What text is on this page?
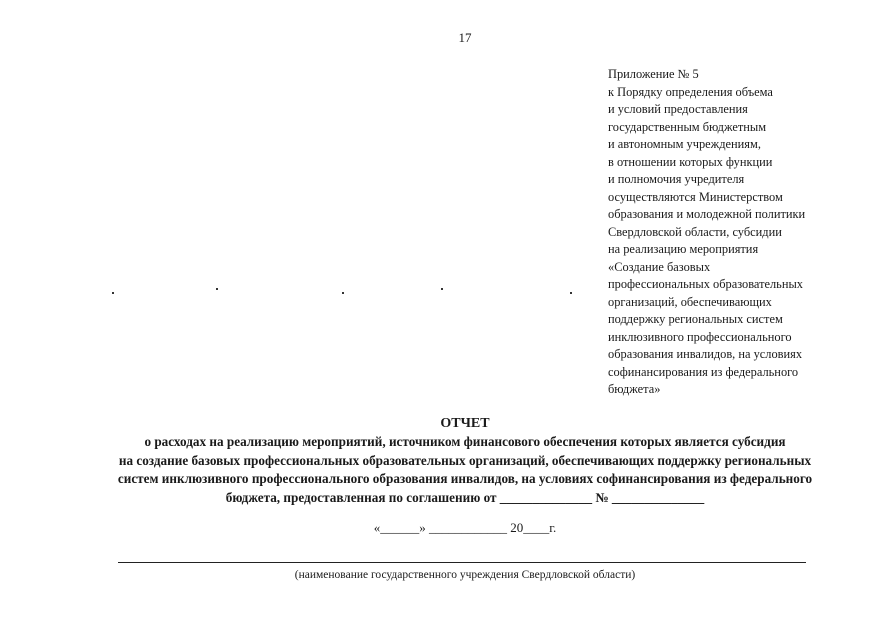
17
Приложение № 5
к Порядку определения объема
и условий предоставления
государственным бюджетным
и автономным учреждениям,
в отношении которых функции
и полномочия учредителя
осуществляются Министерством
образования и молодежной политики
Свердловской области, субсидии
на реализацию мероприятия
«Создание базовых
профессиональных образовательных
организаций, обеспечивающих
поддержку региональных систем
инклюзивного профессионального
образования инвалидов, на условиях
софинансирования из федерального
бюджета»
ОТЧЕТ
о расходах на реализацию мероприятий, источником финансового обеспечения которых является субсидия
на создание базовых профессиональных образовательных организаций, обеспечивающих поддержку региональных
систем инклюзивного профессионального образования инвалидов, на условиях софинансирования из федерального
бюджета, предоставленная по соглашению от ______________ № ______________
«______» ____________ 20____г.
(наименование государственного учреждения Свердловской области)
